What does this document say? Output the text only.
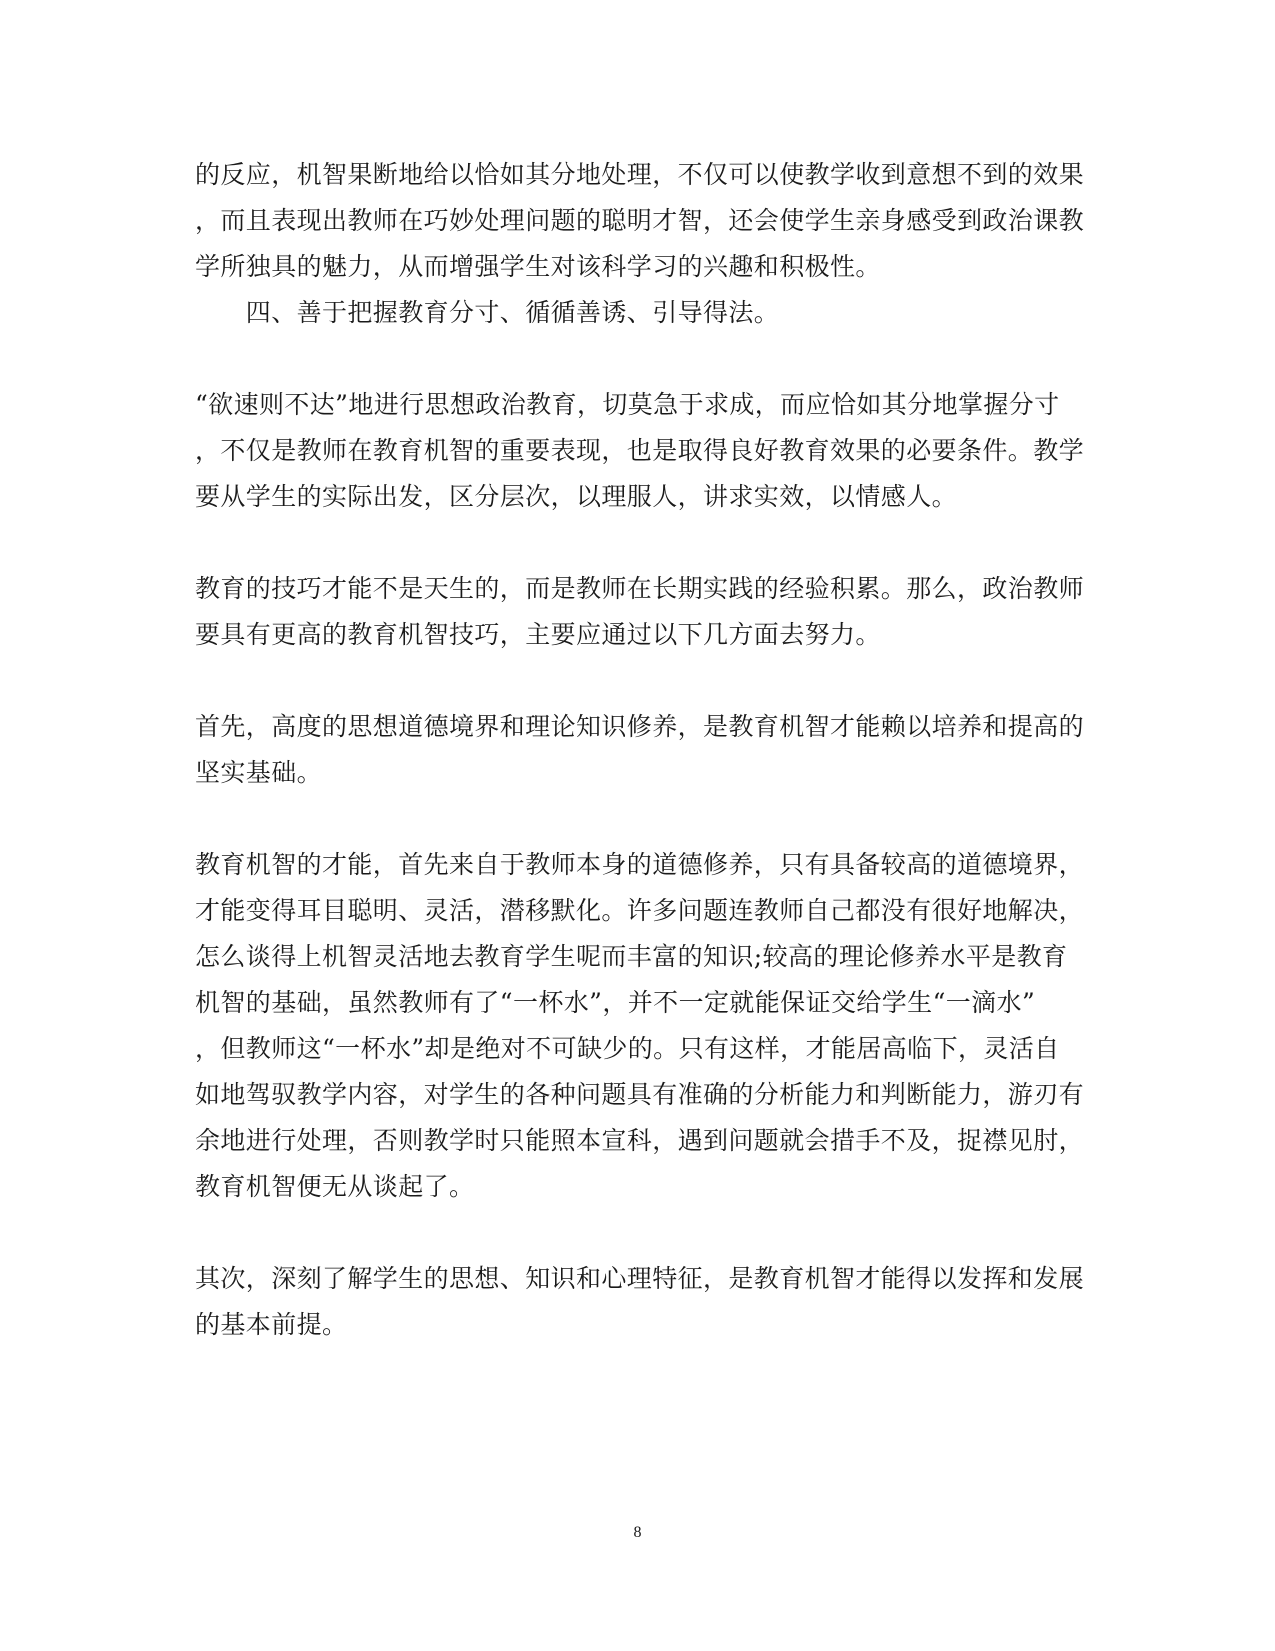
的反应，机智果断地给以恰如其分地处理，不仅可以使教学收到意想不到的效果
，而且表现出教师在巧妙处理问题的聪明才智，还会使学生亲身感受到政治课教
学所独具的魅力，从而增强学生对该科学习的兴趣和积极性。
　　四、善于把握教育分寸、循循善诱、引导得法。
“欲速则不达”地进行思想政治教育，切莫急于求成，而应恰如其分地掌握分寸
，不仅是教师在教育机智的重要表现，也是取得良好教育效果的必要条件。教学
要从学生的实际出发，区分层次，以理服人，讲求实效，以情感人。
教育的技巧才能不是天生的，而是教师在长期实践的经验积累。那么，政治教师
要具有更高的教育机智技巧，主要应通过以下几方面去努力。
首先，高度的思想道德境界和理论知识修养，是教育机智才能赖以培养和提高的
坚实基础。
教育机智的才能，首先来自于教师本身的道德修养，只有具备较高的道德境界，
才能变得耳目聪明、灵活，潜移默化。许多问题连教师自己都没有很好地解决，
怎么谈得上机智灵活地去教育学生呢而丰富的知识;较高的理论修养水平是教育
机智的基础，虽然教师有了“一杯水”，并不一定就能保证交给学生“一滴水”
，但教师这“一杯水”却是绝对不可缺少的。只有这样，才能居高临下，灵活自
如地驾驭教学内容，对学生的各种问题具有准确的分析能力和判断能力，游刃有
余地进行处理，否则教学时只能照本宣科，遇到问题就会措手不及，捉襟见肘，
教育机智便无从谈起了。
其次，深刻了解学生的思想、知识和心理特征，是教育机智才能得以发挥和发展
的基本前提。
8
